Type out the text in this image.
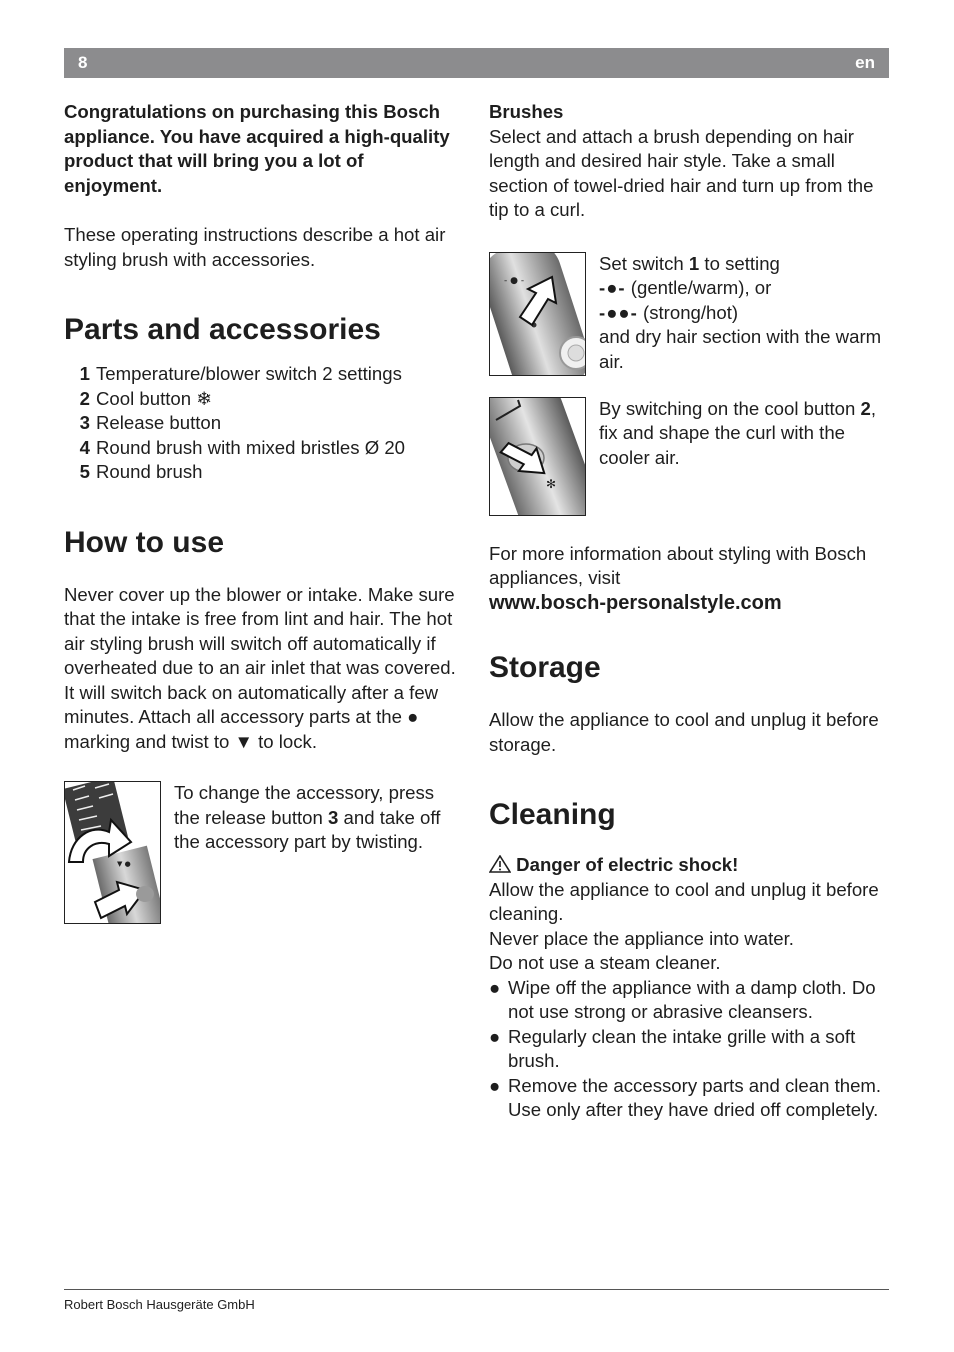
8	en

Congratulations on purchasing this Bosch appliance. You have acquired a high-quality product that will bring you a lot of enjoyment.

These operating instructions describe a hot air styling brush with accessories.

Parts and accessories
1 Temperature/blower switch 2 settings
2 Cool button ❄
3 Release button
4 Round brush with mixed bristles Ø 20
5 Round brush
How to use

Never cover up the blower or intake. Make sure that the intake is free from lint and hair. The hot air styling brush will switch off automatically if overheated due to an air inlet that was covered. It will switch back on automatically after a few minutes. Attach all accessory parts at the ● marking and twist to ▼ to lock.

▼ ●

To change the accessory, press the release button 3 and take off the accessory part by twisting.

Brushes

Select and attach a brush depending on hair length and desired hair style. Take a small section of towel-dried hair and turn up from the tip to a curl.

- ● -

Set switch 1 to setting

-●- (gentle/warm), or

-●●- (strong/hot)

and dry hair section with the warm air.

✻

By switching on the cool button 2, fix and shape the curl with the cooler air.

For more information about styling with Bosch appliances, visit

www.bosch-personalstyle.com

Storage

Allow the appliance to cool and unplug it before storage.

Cleaning

Danger of electric shock!

Allow the appliance to cool and unplug it before cleaning.

Never place the appliance into water.

Do not use a steam cleaner.

● Wipe off the appliance with a damp cloth. Do not use strong or abrasive cleansers.
● Regularly clean the intake grille with a soft brush.
● Remove the accessory parts and clean them. Use only after they have dried off completely.
Robert Bosch Hausgeräte GmbH
